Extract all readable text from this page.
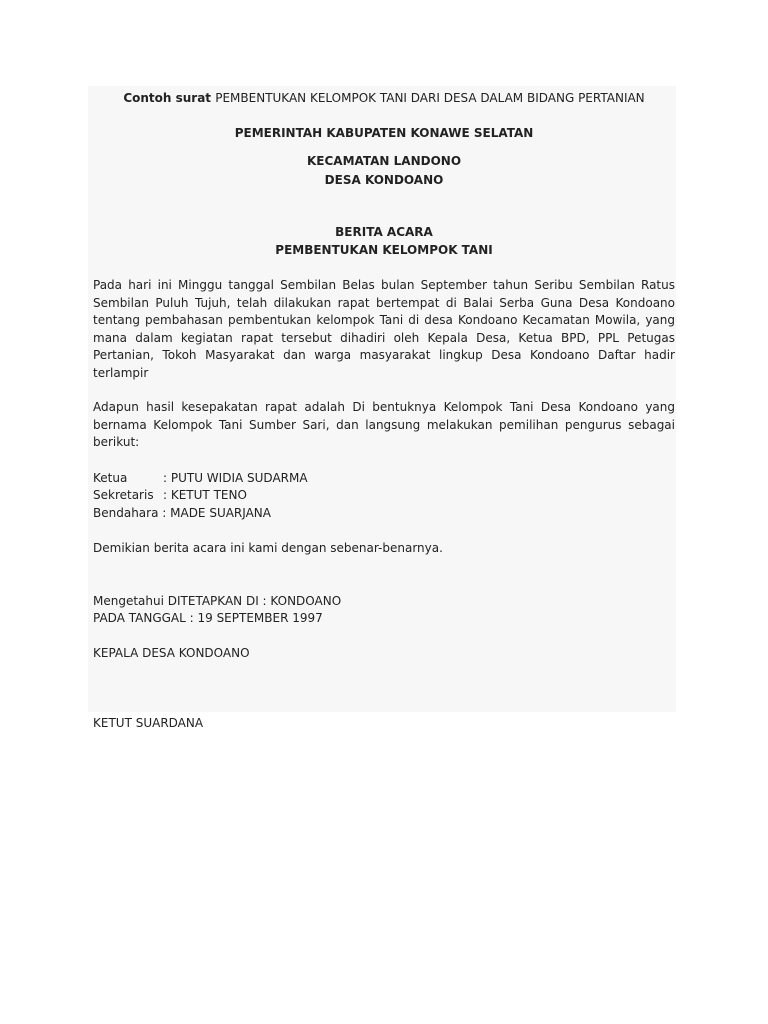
Contoh surat PEMBENTUKAN KELOMPOK TANI DARI DESA DALAM BIDANG PERTANIAN
PEMERINTAH KABUPATEN KONAWE SELATAN
KECAMATAN LANDONO
DESA KONDOANO
BERITA ACARA
PEMBENTUKAN KELOMPOK TANI

Pada hari ini Minggu tanggal Sembilan Belas bulan September tahun Seribu Sembilan Ratus Sembilan Puluh Tujuh, telah dilakukan rapat bertempat di Balai Serba Guna Desa Kondoano tentang pembahasan pembentukan kelompok Tani di desa Kondoano Kecamatan Mowila, yang mana dalam kegiatan rapat tersebut dihadiri oleh Kepala Desa, Ketua BPD, PPL Petugas Pertanian, Tokoh Masyarakat dan warga masyarakat lingkup Desa Kondoano Daftar hadir terlampir

Adapun hasil kesepakatan rapat adalah Di bentuknya Kelompok Tani Desa Kondoano yang bernama Kelompok Tani Sumber Sari, dan langsung melakukan pemilihan pengurus sebagai berikut:

Ketua	: PUTU WIDIA SUDARMA
Sekretaris : KETUT TENO
Bendahara : MADE SUARJANA

Demikian berita acara ini kami dengan sebenar-benarnya.

Mengetahui DITETAPKAN DI : KONDOANO
PADA TANGGAL : 19 SEPTEMBER 1997
KEPALA DESA KONDOANO
KETUT SUARDANA
